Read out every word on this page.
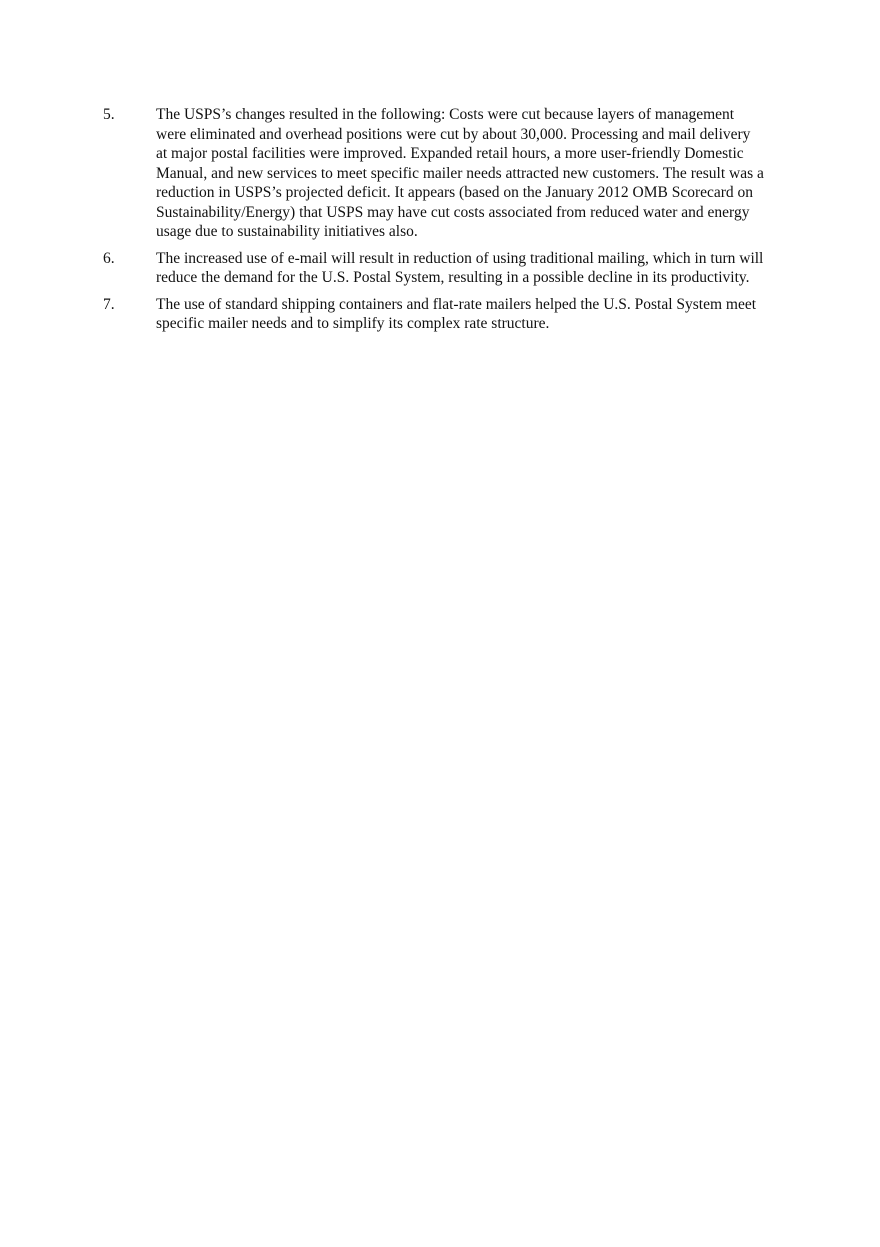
5.	The USPS’s changes resulted in the following: Costs were cut because layers of management
were eliminated and overhead positions were cut by about 30,000. Processing and mail delivery
at major postal facilities were improved. Expanded retail hours, a more user-friendly Domestic
Manual, and new services to meet specific mailer needs attracted new customers. The result was a
reduction in USPS’s projected deficit. It appears (based on the January 2012 OMB Scorecard on
Sustainability/Energy) that USPS may have cut costs associated from reduced water and energy
usage due to sustainability initiatives also.
6.	The increased use of e-mail will result in reduction of using traditional mailing, which in turn will
reduce the demand for the U.S. Postal System, resulting in a possible decline in its productivity.
7.	The use of standard shipping containers and flat-rate mailers helped the U.S. Postal System meet
specific mailer needs and to simplify its complex rate structure.
